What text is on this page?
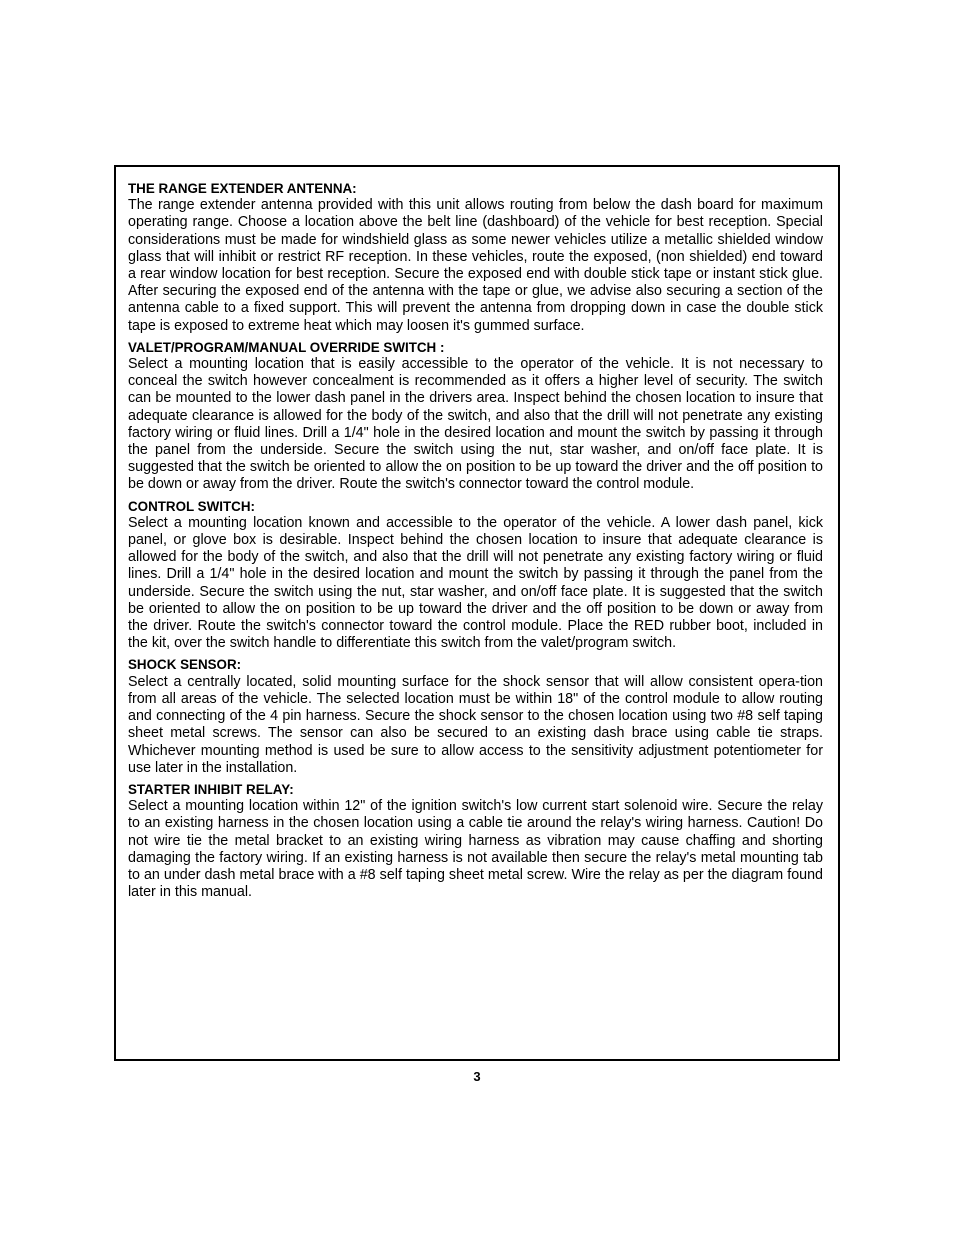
THE RANGE EXTENDER ANTENNA:

The range extender antenna provided with this unit allows routing from below the dash board for maximum operating range. Choose a location above the belt line (dashboard) of the vehicle for best reception. Special considerations must be made for windshield glass as some newer vehicles utilize a metallic shielded window glass that will inhibit or restrict RF reception. In these vehicles, route the exposed, (non shielded) end toward a rear window location for best reception. Secure the exposed end with double stick tape or instant stick glue. After securing the exposed end of the antenna with the tape or glue, we advise also securing a section of the antenna cable to a fixed support. This will prevent the antenna from dropping down in case the double stick tape is exposed to extreme heat which may loosen it's gummed surface.

VALET/PROGRAM/MANUAL OVERRIDE SWITCH :

Select a mounting location that is easily accessible to the operator of the vehicle. It is not necessary to conceal the switch however concealment is recommended as it offers a higher level of security. The switch can be mounted to the lower dash panel in the drivers area. Inspect behind the chosen location to insure that adequate clearance is allowed for the body of the switch, and also that the drill will not penetrate any existing factory wiring or fluid lines. Drill a 1/4" hole in the desired location and mount the switch by passing it through the panel from the underside. Secure the switch using the nut, star washer, and on/off face plate. It is suggested that the switch be oriented to allow the on position to be up toward the driver and the off position to be down or away from the driver. Route the switch's connector toward the control module.

CONTROL SWITCH:

Select a mounting location known and accessible to the operator of the vehicle. A lower dash panel, kick panel, or glove box is desirable. Inspect behind the chosen location to insure that adequate clearance is allowed for the body of the switch, and also that the drill will not penetrate any existing factory wiring or fluid lines. Drill a 1/4" hole in the desired location and mount the switch by passing it through the panel from the underside. Secure the switch using the nut, star washer, and on/off face plate. It is suggested that the switch be oriented to allow the on position to be up toward the driver and the off position to be down or away from the driver. Route the switch's connector toward the control module. Place the RED rubber boot, included in the kit, over the switch handle to differentiate this switch from the valet/program switch.

SHOCK SENSOR:

Select a centrally located, solid mounting surface for the shock sensor that will allow consistent opera-tion from all areas of the vehicle. The selected location must be within 18" of the control module to allow routing and connecting of the 4 pin harness. Secure the shock sensor to the chosen location using two #8 self taping sheet metal screws. The sensor can also be secured to an existing dash brace using cable tie straps. Whichever mounting method is used be sure to allow access to the sensitivity adjustment potentiometer for use later in the installation.

STARTER INHIBIT RELAY:

Select a mounting location within 12" of the ignition switch's low current start solenoid wire. Secure the relay to an existing harness in the chosen location using a cable tie around the relay's wiring harness. Caution! Do not wire tie the metal bracket to an existing wiring harness as vibration may cause chaffing and shorting damaging the factory wiring. If an existing harness is not available then secure the relay's metal mounting tab to an under dash metal brace with a #8 self taping sheet metal screw. Wire the relay as per the diagram found later in this manual.

3
